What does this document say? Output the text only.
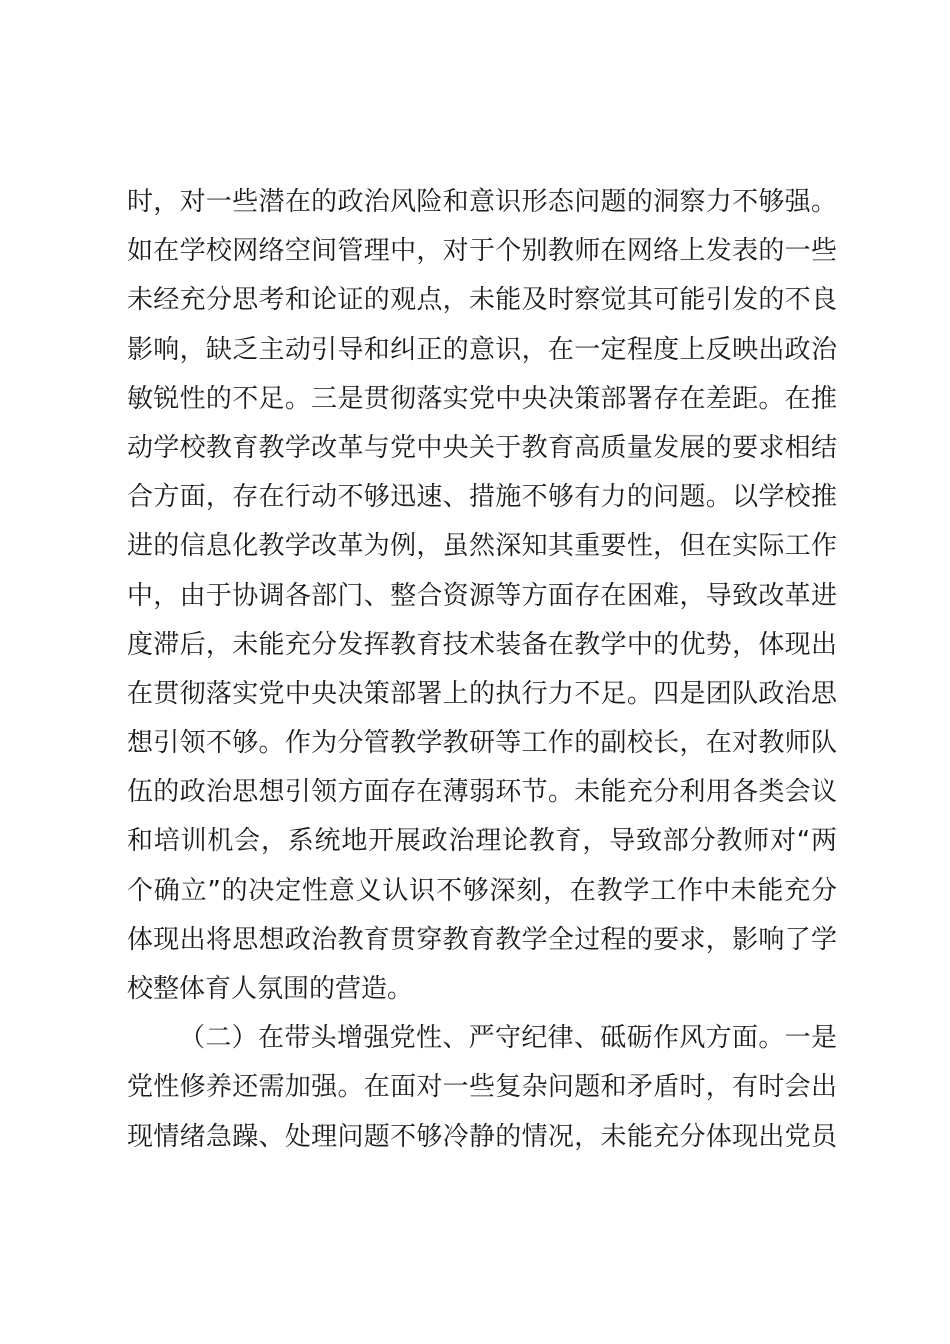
时，对一些潜在的政治风险和意识形态问题的洞察力不够强。
如在学校网络空间管理中，对于个别教师在网络上发表的一些
未经充分思考和论证的观点，未能及时察觉其可能引发的不良
影响，缺乏主动引导和纠正的意识，在一定程度上反映出政治
敏锐性的不足。三是贯彻落实党中央决策部署存在差距。在推
动学校教育教学改革与党中央关于教育高质量发展的要求相结
合方面，存在行动不够迅速、措施不够有力的问题。以学校推
进的信息化教学改革为例，虽然深知其重要性，但在实际工作
中，由于协调各部门、整合资源等方面存在困难，导致改革进
度滞后，未能充分发挥教育技术装备在教学中的优势，体现出
在贯彻落实党中央决策部署上的执行力不足。四是团队政治思
想引领不够。作为分管教学教研等工作的副校长，在对教师队
伍的政治思想引领方面存在薄弱环节。未能充分利用各类会议
和培训机会，系统地开展政治理论教育，导致部分教师对“两
个确立”的决定性意义认识不够深刻，在教学工作中未能充分
体现出将思想政治教育贯穿教育教学全过程的要求，影响了学
校整体育人氛围的营造。
（二）在带头增强党性、严守纪律、砥砺作风方面。一是
党性修养还需加强。在面对一些复杂问题和矛盾时，有时会出
现情绪急躁、处理问题不够冷静的情况，未能充分体现出党员
